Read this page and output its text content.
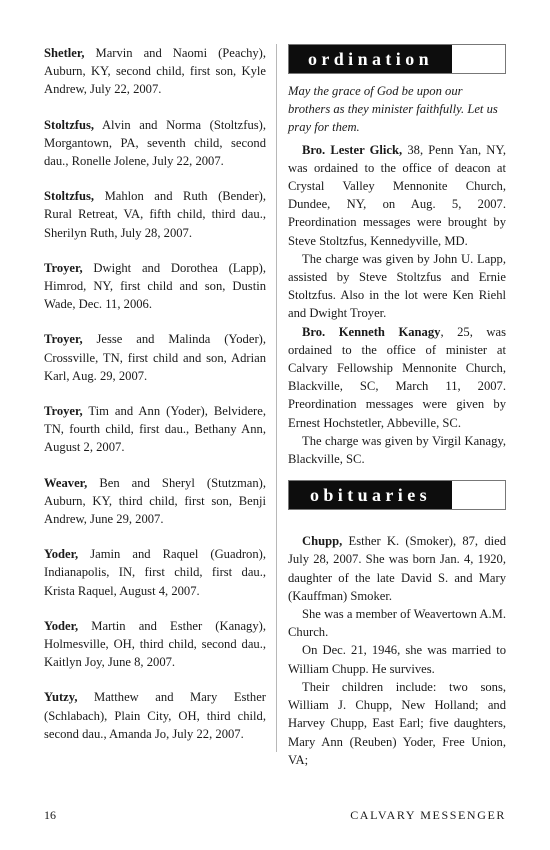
Shetler, Marvin and Naomi (Peachy), Auburn, KY, second child, first son, Kyle Andrew, July 22, 2007.

Stoltzfus, Alvin and Norma (Stoltzfus), Morgantown, PA, seventh child, second dau., Ronelle Jolene, July 22, 2007.

Stoltzfus, Mahlon and Ruth (Bender), Rural Retreat, VA, fifth child, third dau., Sherilyn Ruth, July 28, 2007.

Troyer, Dwight and Dorothea (Lapp), Himrod, NY, first child and son, Dustin Wade, Dec. 11, 2006.

Troyer, Jesse and Malinda (Yoder), Crossville, TN, first child and son, Adrian Karl, Aug. 29, 2007.

Troyer, Tim and Ann (Yoder), Belvidere, TN, fourth child, first dau., Bethany Ann, August 2, 2007.

Weaver, Ben and Sheryl (Stutzman), Auburn, KY, third child, first son, Benji Andrew, June 29, 2007.

Yoder, Jamin and Raquel (Guadron), Indianapolis, IN, first child, first dau., Krista Raquel, August 4, 2007.

Yoder, Martin and Esther (Kanagy), Holmesville, OH, third child, second dau., Kaitlyn Joy, June 8, 2007.

Yutzy, Matthew and Mary Esther (Schlabach), Plain City, OH, third child, second dau., Amanda Jo, July 22, 2007.

ordination

May the grace of God be upon our brothers as they minister faithfully. Let us pray for them.

Bro. Lester Glick, 38, Penn Yan, NY, was ordained to the office of deacon at Crystal Valley Mennonite Church, Dundee, NY, on Aug. 5, 2007. Preordination messages were brought by Steve Stoltzfus, Kennedyville, MD.

The charge was given by John U. Lapp, assisted by Steve Stoltzfus and Ernie Stoltzfus. Also in the lot were Ken Riehl and Dwight Troyer.

Bro. Kenneth Kanagy, 25, was ordained to the office of minister at Calvary Fellowship Mennonite Church, Blackville, SC, March 11, 2007. Preordination messages were given by Ernest Hochstetler, Abbeville, SC.

The charge was given by Virgil Kanagy, Blackville, SC.

obituaries

Chupp, Esther K. (Smoker), 87, died July 28, 2007. She was born Jan. 4, 1920, daughter of the late David S. and Mary (Kauffman) Smoker.

She was a member of Weavertown A.M. Church.

On Dec. 21, 1946, she was married to William Chupp. He survives.

Their children include: two sons, William J. Chupp, New Holland; and Harvey Chupp, East Earl; five daughters, Mary Ann (Reuben) Yoder, Free Union, VA;

16	CALVARY MESSENGER
